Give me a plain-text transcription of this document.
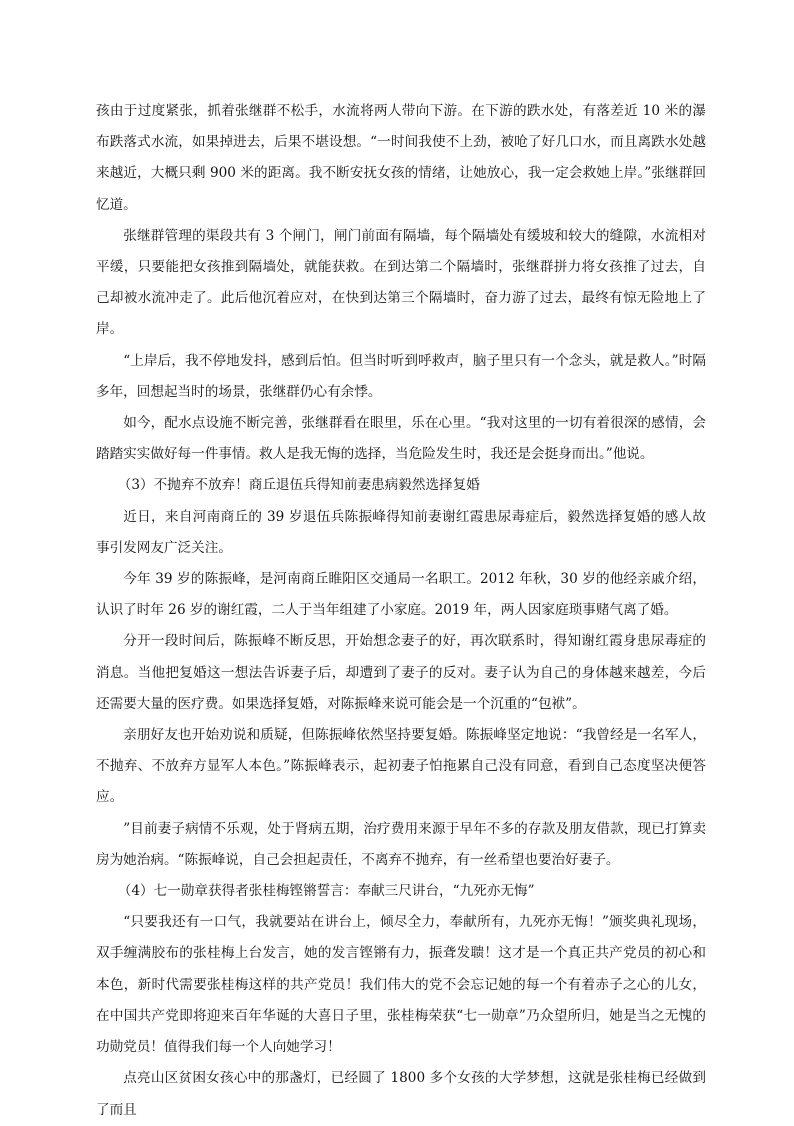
孩由于过度紧张，抓着张继群不松手，水流将两人带向下游。在下游的跌水处，有落差近 10 米的瀑布跌落式水流，如果掉进去，后果不堪设想。“一时间我使不上劲，被呛了好几口水，而且离跌水处越来越近，大概只剩 900 米的距离。我不断安抚女孩的情绪，让她放心，我一定会救她上岸。”张继群回忆道。

张继群管理的渠段共有 3 个闸门，闸门前面有隔墙，每个隔墙处有缓坡和较大的缝隙，水流相对平缓，只要能把女孩推到隔墙处，就能获救。在到达第二个隔墙时，张继群拼力将女孩推了过去，自己却被水流冲走了。此后他沉着应对，在快到达第三个隔墙时，奋力游了过去，最终有惊无险地上了岸。

“上岸后，我不停地发抖，感到后怕。但当时听到呼救声，脑子里只有一个念头，就是救人。”时隔多年，回想起当时的场景，张继群仍心有余悸。

如今，配水点设施不断完善，张继群看在眼里，乐在心里。“我对这里的一切有着很深的感情，会踏踏实实做好每一件事情。救人是我无悔的选择，当危险发生时，我还是会挺身而出。”他说。

（3）不抛弃不放弃！商丘退伍兵得知前妻患病毅然选择复婚

近日，来自河南商丘的 39 岁退伍兵陈振峰得知前妻谢红霞患尿毒症后，毅然选择复婚的感人故事引发网友广泛关注。

今年 39 岁的陈振峰，是河南商丘睢阳区交通局一名职工。2012 年秋，30 岁的他经亲戚介绍，认识了时年 26 岁的谢红霞，二人于当年组建了小家庭。2019 年，两人因家庭琐事赌气离了婚。

分开一段时间后，陈振峰不断反思，开始想念妻子的好，再次联系时，得知谢红霞身患尿毒症的消息。当他把复婚这一想法告诉妻子后，却遭到了妻子的反对。妻子认为自己的身体越来越差，今后还需要大量的医疗费。如果选择复婚，对陈振峰来说可能会是一个沉重的“包袱”。

亲朋好友也开始劝说和质疑，但陈振峰依然坚持要复婚。陈振峰坚定地说：“我曾经是一名军人，不抛弃、不放弃方显军人本色。”陈振峰表示，起初妻子怕拖累自己没有同意，看到自己态度坚决便答应。

”目前妻子病情不乐观，处于肾病五期，治疗费用来源于早年不多的存款及朋友借款，现已打算卖房为她治病。“陈振峰说，自己会担起责任，不离弃不抛弃，有一丝希望也要治好妻子。

（4）七一勋章获得者张桂梅铿锵誓言：奉献三尺讲台，“九死亦无悔”

“只要我还有一口气，我就要站在讲台上，倾尽全力，奉献所有，九死亦无悔！”颁奖典礼现场，双手缠满胶布的张桂梅上台发言，她的发言铿锵有力，振聋发聩！这才是一个真正共产党员的初心和本色，新时代需要张桂梅这样的共产党员！我们伟大的党不会忘记她的每一个有着赤子之心的儿女，在中国共产党即将迎来百年华诞的大喜日子里，张桂梅荣获“七一勋章”乃众望所归，她是当之无愧的功勋党员！值得我们每一个人向她学习！

点亮山区贫困女孩心中的那盏灯，已经圆了 1800 多个女孩的大学梦想，这就是张桂梅已经做到了而且
